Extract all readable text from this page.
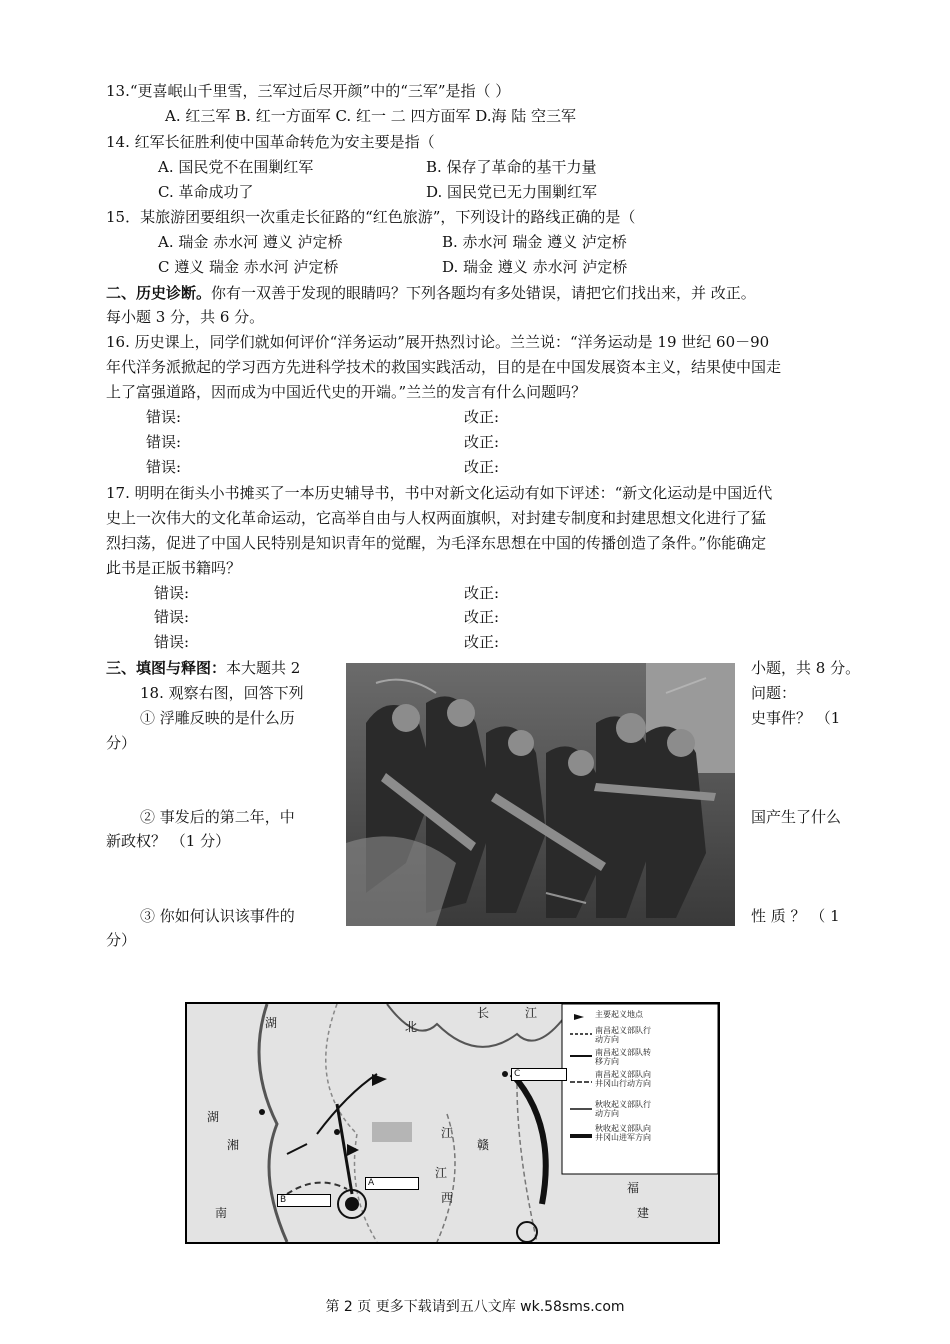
13.“更喜岷山千里雪，三军过后尽开颜”中的“三军”是指（ ）
A. 红三军 B. 红一方面军 C. 红一 二 四方面军 D.海 陆 空三军
14. 红军长征胜利使中国革命转危为安主要是指（
A. 国民党不在围剿红军	B. 保存了革命的基干力量
C. 革命成功了	D. 国民党已无力围剿红军
15．某旅游团要组织一次重走长征路的“红色旅游”，下列设计的路线正确的是（
A. 瑞金 赤水河 遵义 泸定桥	B. 赤水河 瑞金 遵义 泸定桥
C 遵义 瑞金 赤水河 泸定桥	D. 瑞金 遵义 赤水河 泸定桥
二、历史诊断。你有一双善于发现的眼睛吗？下列各题均有多处错误，请把它们找出来，并 改正。
每小题 3 分，共 6 分。
16. 历史课上，同学们就如何评价“洋务运动”展开热烈讨论。兰兰说：“洋务运动是 19 世纪 60－90
年代洋务派掀起的学习西方先进科学技术的救国实践活动，目的是在中国发展资本主义，结果使中国走
上了富强道路，因而成为中国近代史的开端。”兰兰的发言有什么问题吗？
错误:	改正:
错误:	改正:
错误:	改正:
17. 明明在街头小书摊买了一本历史辅导书，书中对新文化运动有如下评述：“新文化运动是中国近代
史上一次伟大的文化革命运动，它高举自由与人权两面旗帜，对封建专制度和封建思想文化进行了猛
烈扫荡，促进了中国人民特别是知识青年的觉醒，为毛泽东思想在中国的传播创造了条件。”你能确定
此书是正版书籍吗？
错误:	改正:
错误:	改正:
错误:	改正:
三、填图与释图：本大题共 2	小题，共 8 分。
18. 观察右图，回答下列	问题：
① 浮雕反映的是什么历	史事件？ （1
分）
② 事发后的第二年，中	国产生了什么
新政权？ （1 分）
③ 你如何认识该事件的	性 质 ？ （ 1
分）
湖	北
长	江
湖
湘
江
赣
南
江
西
福
建
A
B
C
主要起义地点
南昌起义部队行动方向
南昌起义部队转移方向
南昌起义部队向井冈山行动方向
秋收起义部队行动方向
秋收起义部队向井冈山进军方向
第 2 页 更多下载请到五八文库 wk.58sms.com
